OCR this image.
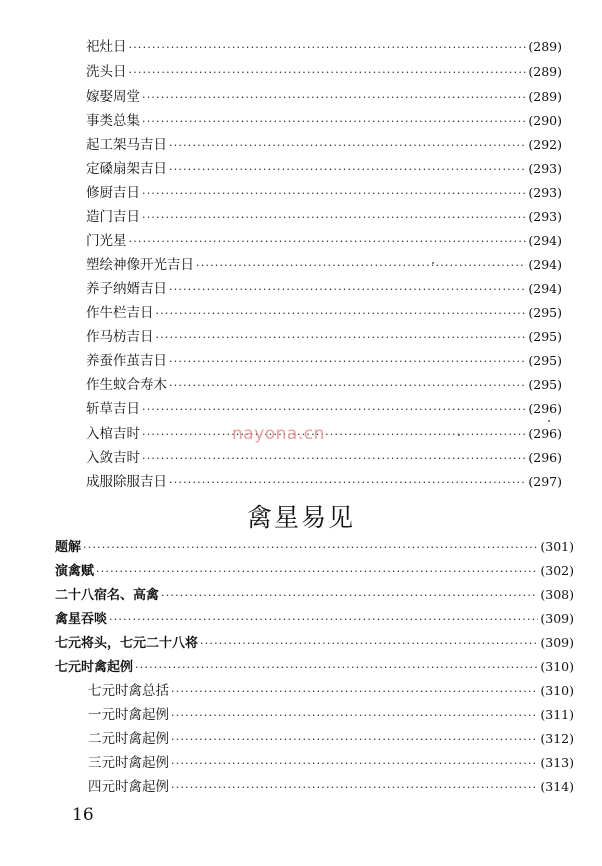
祀灶日 ·····	(289)
洗头日 ·····	(289)
嫁娶周堂 ·····	(289)
事类总集 ·····	(290)
起工架马吉日 ·····	(292)
定磉扇架吉日 ·····	(293)
修厨吉日 ·····	(293)
造门吉日 ·····	(293)
门光星 ·····	(294)
塑绘神像开光吉日 ·····	(294)
养子纳婿吉日 ·····	(294)
作牛栏吉日 ·····	(295)
作马枋吉日 ·····	(295)
养蚕作茧吉日 ·····	(295)
作生蚊合寿木 ·····	(295)
斩草吉日 ·····	(296)
入棺吉时 ·····	(296)
入敛吉时 ·····	(296)
成服除服吉日 ·····	(297)
禽星易见
题解 ·····	(301)
演禽赋 ·····	(302)
二十八宿名、高禽 ·····	(308)
禽星吞啖 ·····	(309)
七元将头，七元二十八将 ·····	(309)
七元时禽起例 ·····	(310)
七元时禽总括 ·····	(310)
一元时禽起例 ·····	(311)
二元时禽起例 ·····	(312)
三元时禽起例 ·····	(313)
四元时禽起例 ·····	(314)
nayona.cn
16
